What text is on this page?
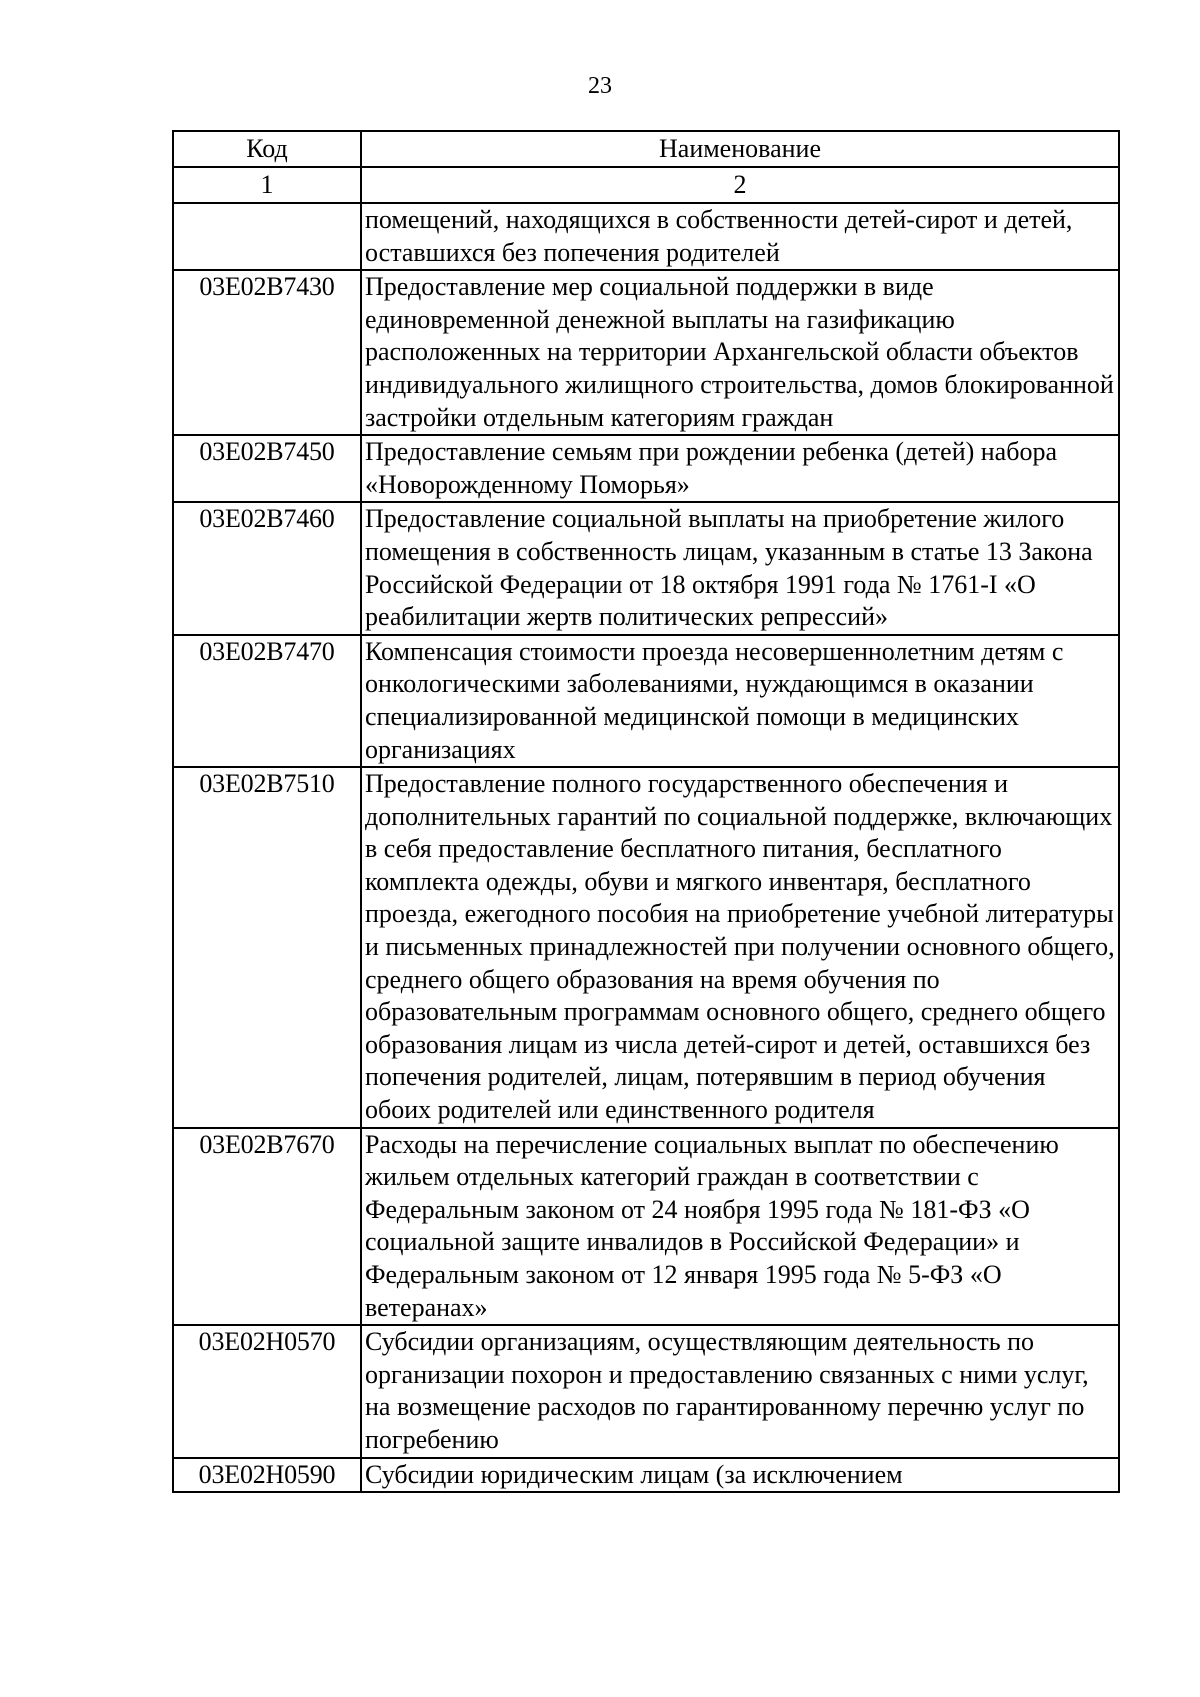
23
Код	Наименование
1	2
	помещений, находящихся в собственности детей-сирот и детей, оставшихся без попечения родителей
03Е02В7430	Предоставление мер социальной поддержки в виде единовременной денежной выплаты на газификацию расположенных на территории Архангельской области объектов индивидуального жилищного строительства, домов блокированной застройки отдельным категориям граждан
03Е02В7450	Предоставление семьям при рождении ребенка (детей) набора «Новорожденному Поморья»
03Е02В7460	Предоставление социальной выплаты на приобретение жилого помещения в собственность лицам, указанным в статье 13 Закона Российской Федерации от 18 октября 1991 года № 1761-I «О реабилитации жертв политических репрессий»
03Е02В7470	Компенсация стоимости проезда несовершеннолетним детям с онкологическими заболеваниями, нуждающимся в оказании специализированной медицинской помощи в медицинских организациях
03Е02В7510	Предоставление полного государственного обеспечения и дополнительных гарантий по социальной поддержке, включающих в себя предоставление бесплатного питания, бесплатного комплекта одежды, обуви и мягкого инвентаря, бесплатного проезда, ежегодного пособия на приобретение учебной литературы и письменных принадлежностей при получении основного общего, среднего общего образования на время обучения по образовательным программам основного общего, среднего общего образования лицам из числа детей-сирот и детей, оставшихся без попечения родителей, лицам, потерявшим в период обучения обоих родителей или единственного родителя
03Е02В7670	Расходы на перечисление социальных выплат по обеспечению жильем отдельных категорий граждан в соответствии с Федеральным законом от 24 ноября 1995 года № 181-ФЗ «О социальной защите инвалидов в Российской Федерации» и Федеральным законом от 12 января 1995 года № 5-ФЗ «О ветеранах»
03Е02Н0570	Субсидии организациям, осуществляющим деятельность по организации похорон и предоставлению связанных с ними услуг, на возмещение расходов по гарантированному перечню услуг по погребению
03Е02Н0590	Субсидии юридическим лицам (за исключением
